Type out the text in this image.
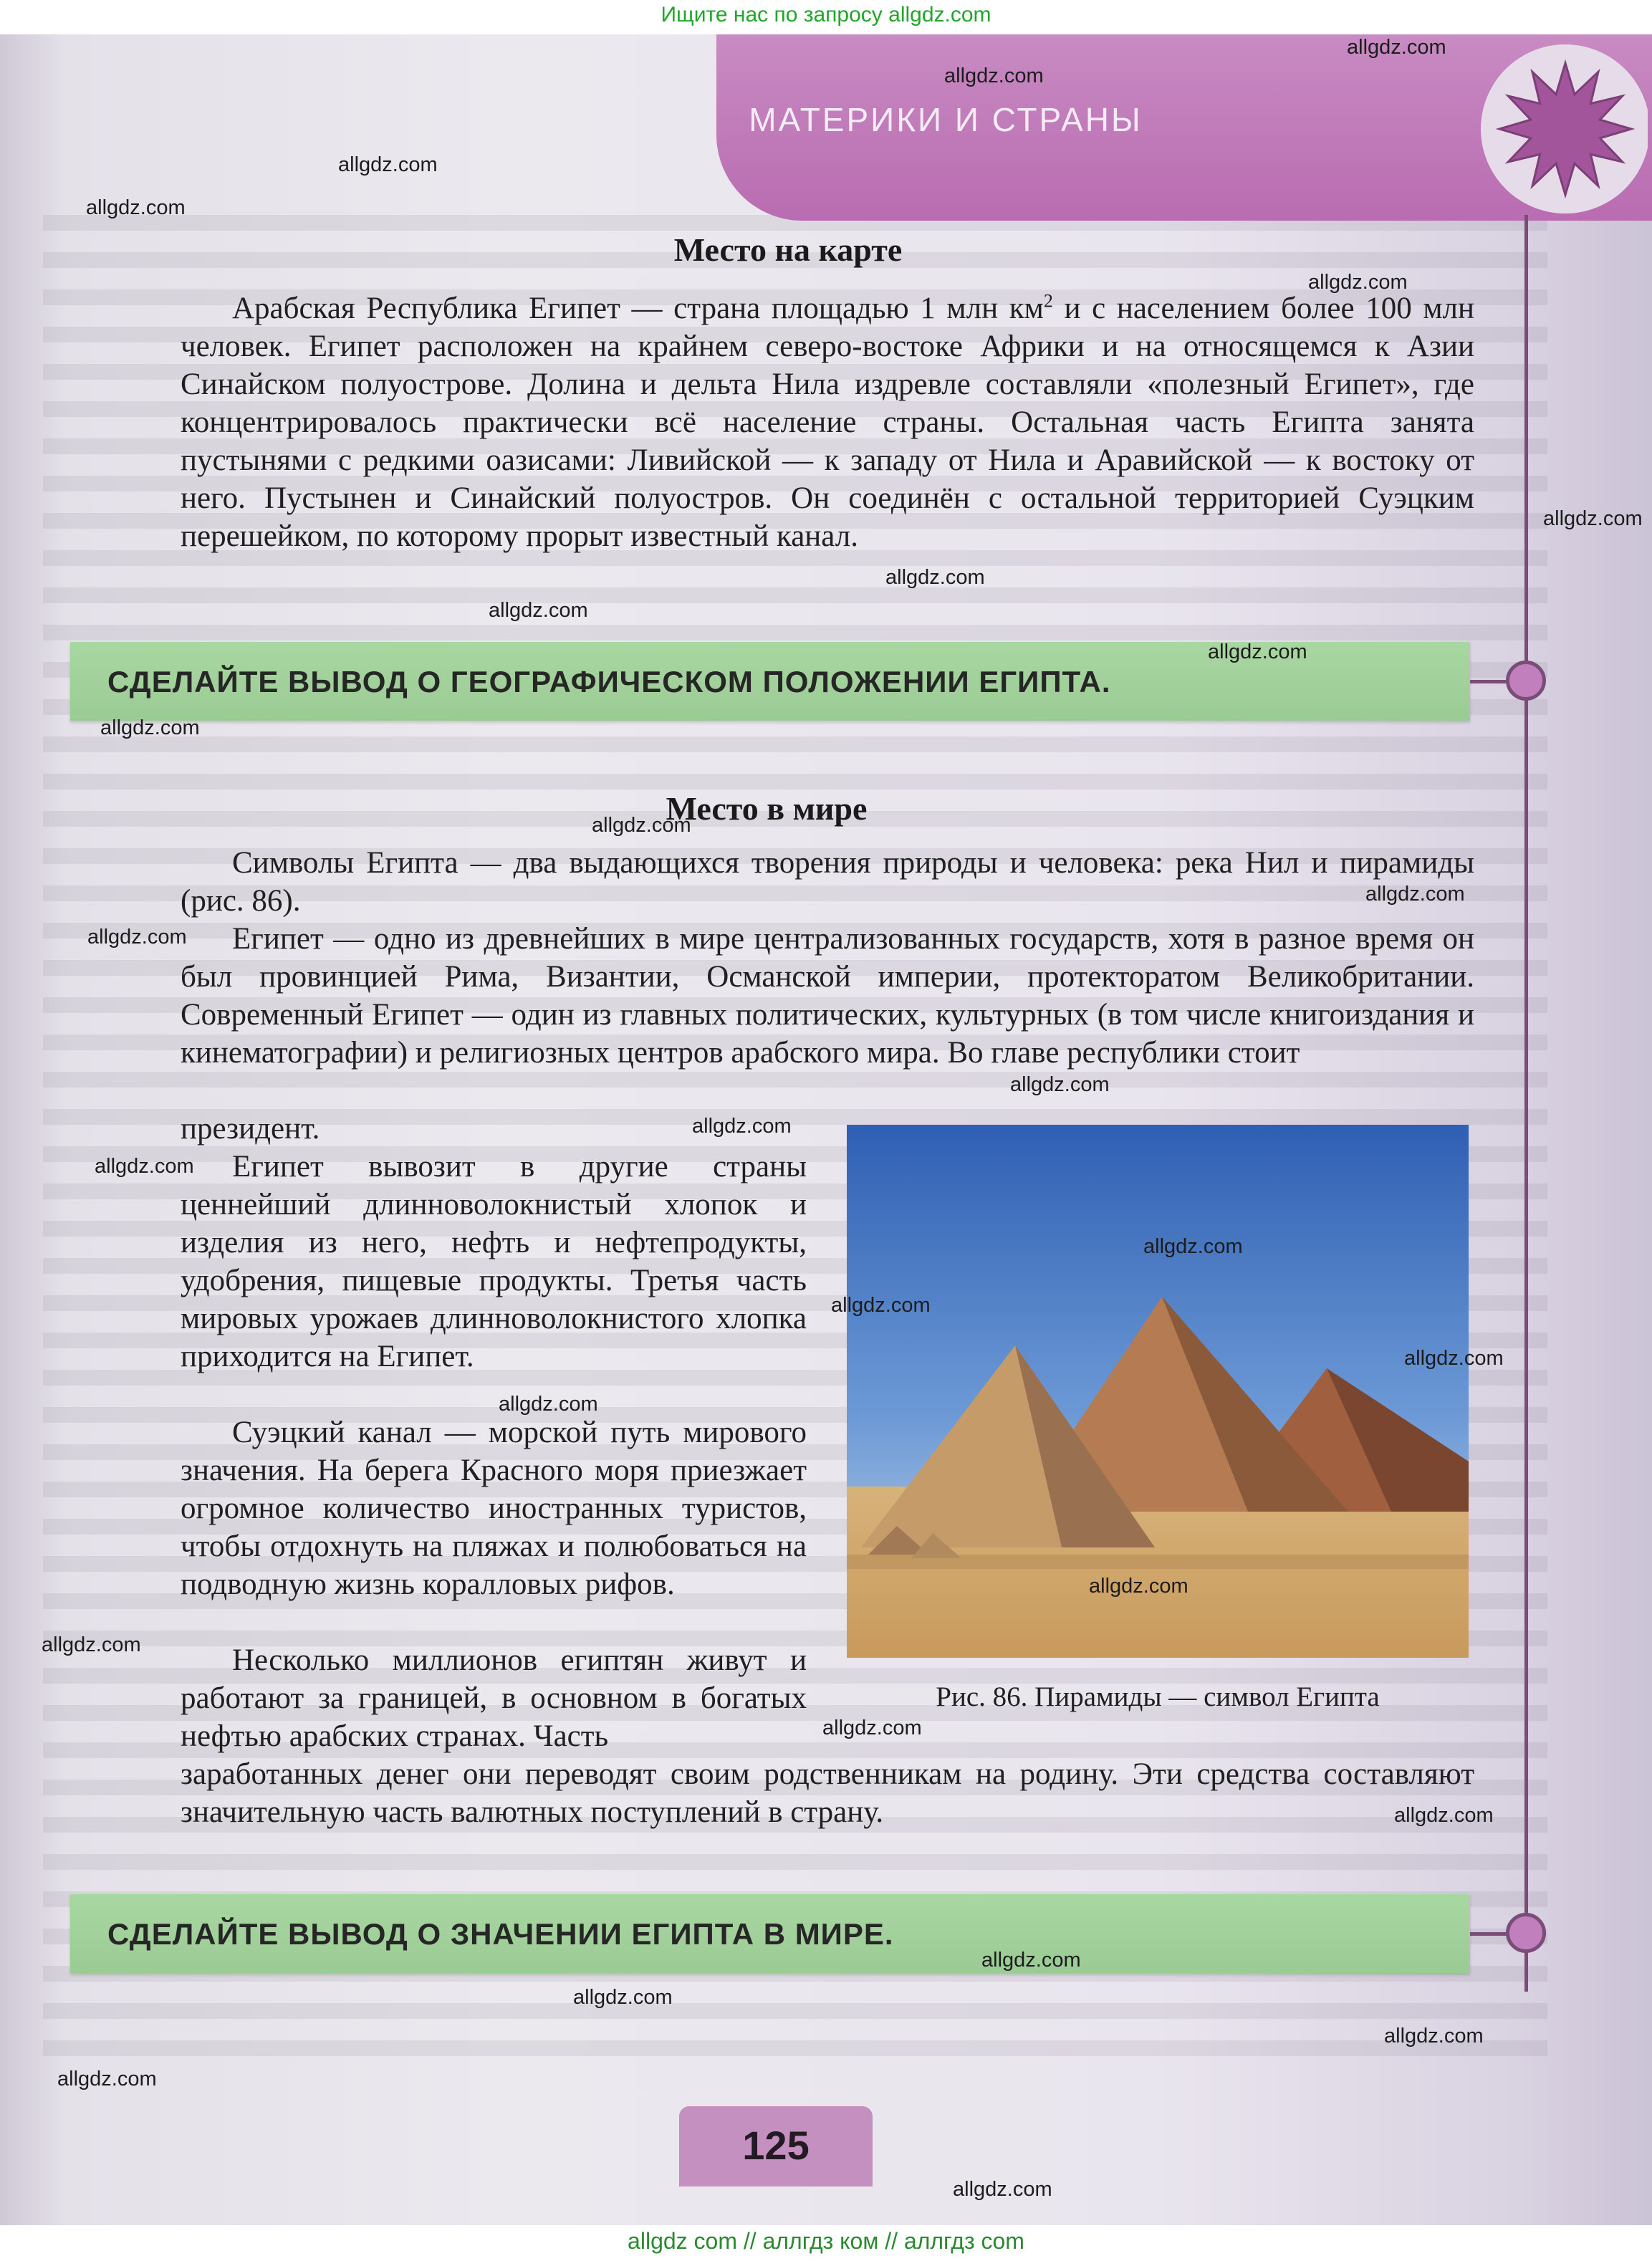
Ищите нас по запросу allgdz.com
МАТЕРИКИ И СТРАНЫ
Место на карте

Арабская Республика Египет — страна площадью 1 млн $км^2$ и с населением более 100 млн человек. Египет расположен на крайнем северо-востоке Африки и на относящемся к Азии Синайском полуострове. Долина и дельта Нила издревле составляли «полезный Египет», где концентрировалось практически всё население страны. Остальная часть Египта занята пустынями с редкими оазисами: Ливийской — к западу от Нила и Аравийской — к востоку от него. Пустынен и Синайский полуостров. Он соединён с остальной территорией Суэцким перешейком, по которому прорыт известный канал.

СДЕЛАЙТЕ ВЫВОД О ГЕОГРАФИЧЕСКОМ ПОЛОЖЕНИИ ЕГИПТА.
Место в мире

Символы Египта — два выдающихся творения природы и человека: река Нил и пирамиды (рис. 86).

Египет — одно из древнейших в мире централизованных государств, хотя в разное время он был провинцией Рима, Византии, Османской империи, протекторатом Великобритании. Современный Египет — один из главных политических, культурных (в том числе книгоиздания и кинематографии) и религиозных центров арабского мира. Во главе республики стоит

президент.

Египет вывозит в другие страны ценнейший длинноволокнистый хлопок и изделия из него, нефть и нефтепродукты, удобрения, пищевые продукты. Третья часть мировых урожаев длинноволокнистого хлопка приходится на Египет.

Суэцкий канал — морской путь мирового значения. На берега Красного моря приезжает огромное количество иностранных туристов, чтобы отдохнуть на пляжах и полюбоваться на подводную жизнь коралловых рифов.

Несколько миллионов египтян живут и работают за границей, в основном в богатых нефтью арабских странах. Часть

заработанных денег они переводят своим родственникам на родину. Эти средства составляют значительную часть валютных поступлений в страну.

Рис. 86. Пирамиды — символ Египта
СДЕЛАЙТЕ ВЫВОД О ЗНАЧЕНИИ ЕГИПТА В МИРЕ.
125
allgdz.com
allgdz.com
allgdz.com
allgdz.com
allgdz.com
allgdz.com
allgdz.com
allgdz.com
allgdz.com
allgdz.com
allgdz.com
allgdz.com
allgdz.com
allgdz.com
allgdz.com
allgdz.com
allgdz.com
allgdz.com
allgdz.com
allgdz.com
allgdz.com
allgdz.com
allgdz.com
allgdz.com
allgdz.com
allgdz.com
allgdz.com
allgdz.com
allgdz.com
allgdz com // аллгдз ком // аллгдз com
